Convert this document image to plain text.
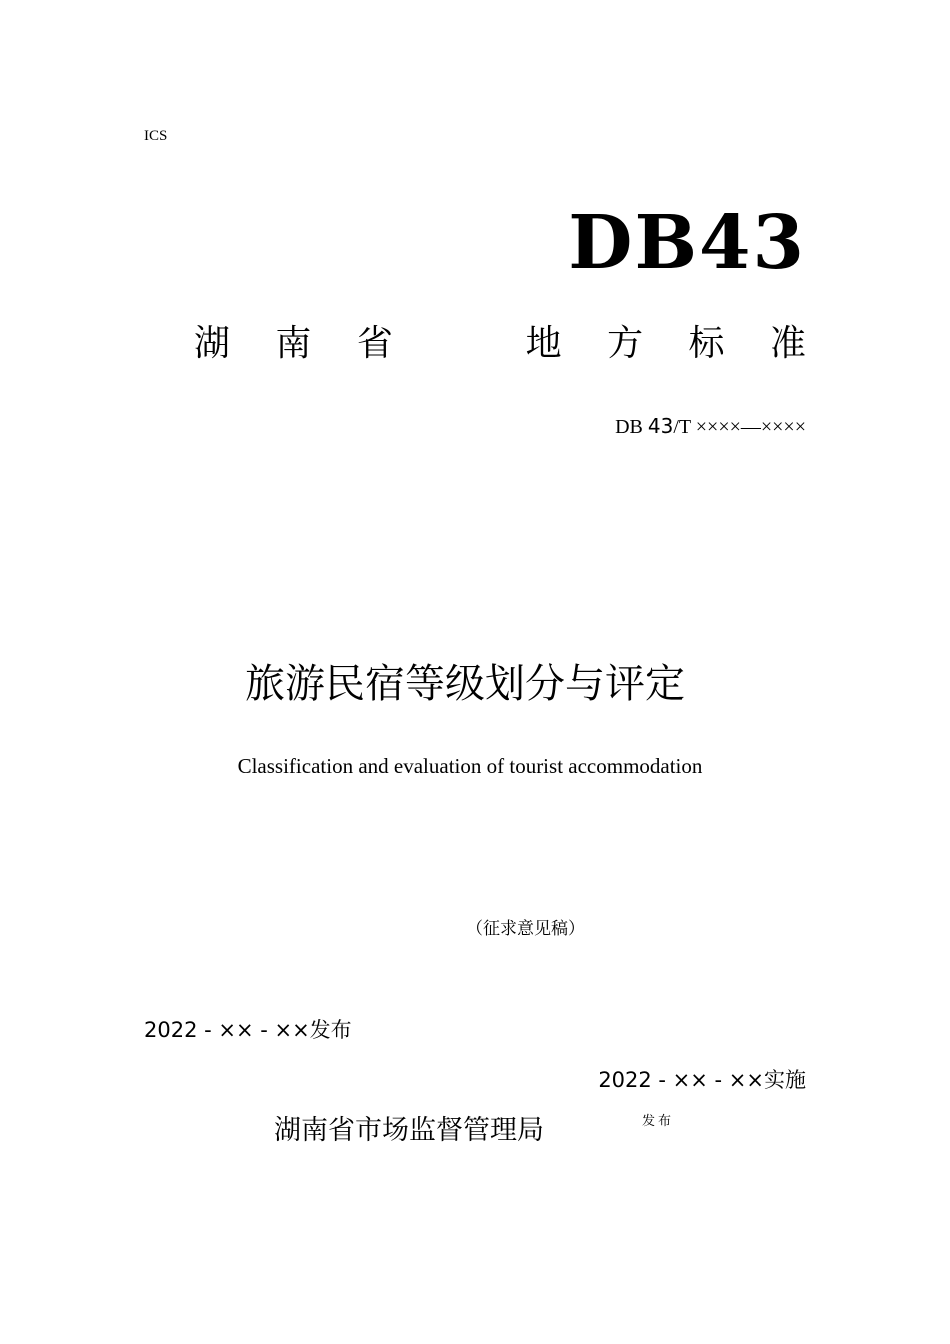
ICS
DB43
湖 南 省	地 方 标 准
DB 43/T ××××—××××
旅游民宿等级划分与评定
Classification and evaluation of tourist accommodation
（征求意见稿）
2022 - ×× - ××发布
2022 - ×× - ××实施
湖南省市场监督管理局	发布
